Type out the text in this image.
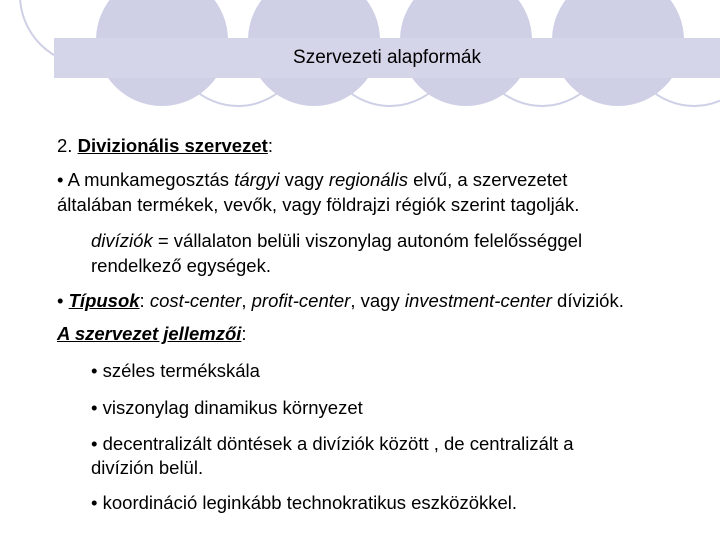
Szervezeti alapformák
2. Divizionális szervezet:
• A munkamegosztás tárgyi vagy regionális elvű, a szervezetet
általában termékek, vevők, vagy földrajzi régiók szerint tagolják.
divíziók = vállalaton belüli viszonylag autonóm felelősséggel
rendelkező egységek.
• Típusok: cost-center, profit-center, vagy investment-center díviziók.
A szervezet jellemzői:
• széles termékskála
• viszonylag dinamikus környezet
• decentralizált döntések a divíziók között , de centralizált a
divízión belül.
• koordináció leginkább technokratikus eszközökkel.
